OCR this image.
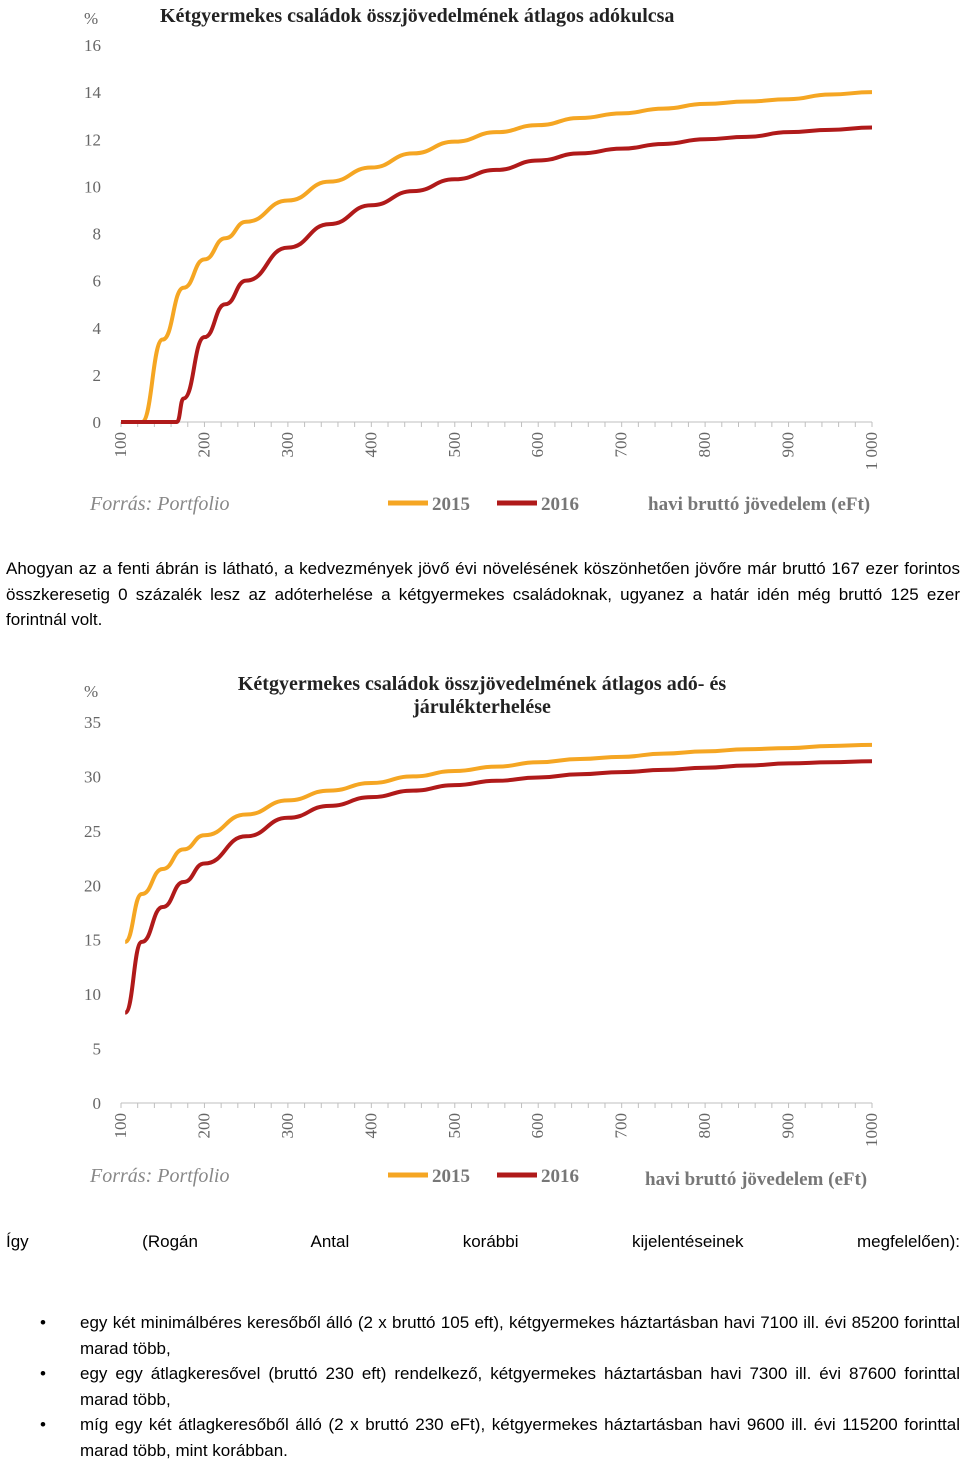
Kétgyermekes családok összjövedelmének átlagos adókulcsa
%
0
2
4
6
8
10
12
14
16
100	200	300	400	500	600	700	800	900	1 000
Forrás: Portfolio	2015	2016	havi bruttó jövedelem (eFt)

Ahogyan az a fenti ábrán is látható, a kedvezmények jövő évi növelésének köszönhetően jövőre már bruttó 167 ezer forintos összkeresetig 0 százalék lesz az adóterhelése a kétgyermekes családoknak, ugyanez a határ idén még bruttó 125 ezer forintnál volt.

Kétgyermekes családok összjövedelmének átlagos adó- és
járulékterhelése
%
0
5
10
15
20
25
30
35
100	200	300	400	500	600	700	800	900	1000
Forrás: Portfolio	2015	2016	havi bruttó jövedelem (eFt)

Így (Rogán Antal korábbi kijelentéseinek megfelelően):

• egy két minimálbéres keresőből álló (2 x bruttó 105 eft), kétgyermekes háztartásban havi 7100 ill. évi 85200 forinttal marad több,
• egy egy átlagkeresővel (bruttó 230 eft) rendelkező, kétgyermekes háztartásban havi 7300 ill. évi 87600 forinttal marad több,
• míg egy két átlagkeresőből álló (2 x bruttó 230 eFt), kétgyermekes háztartásban havi 9600 ill. évi 115200 forinttal marad több, mint korábban.
